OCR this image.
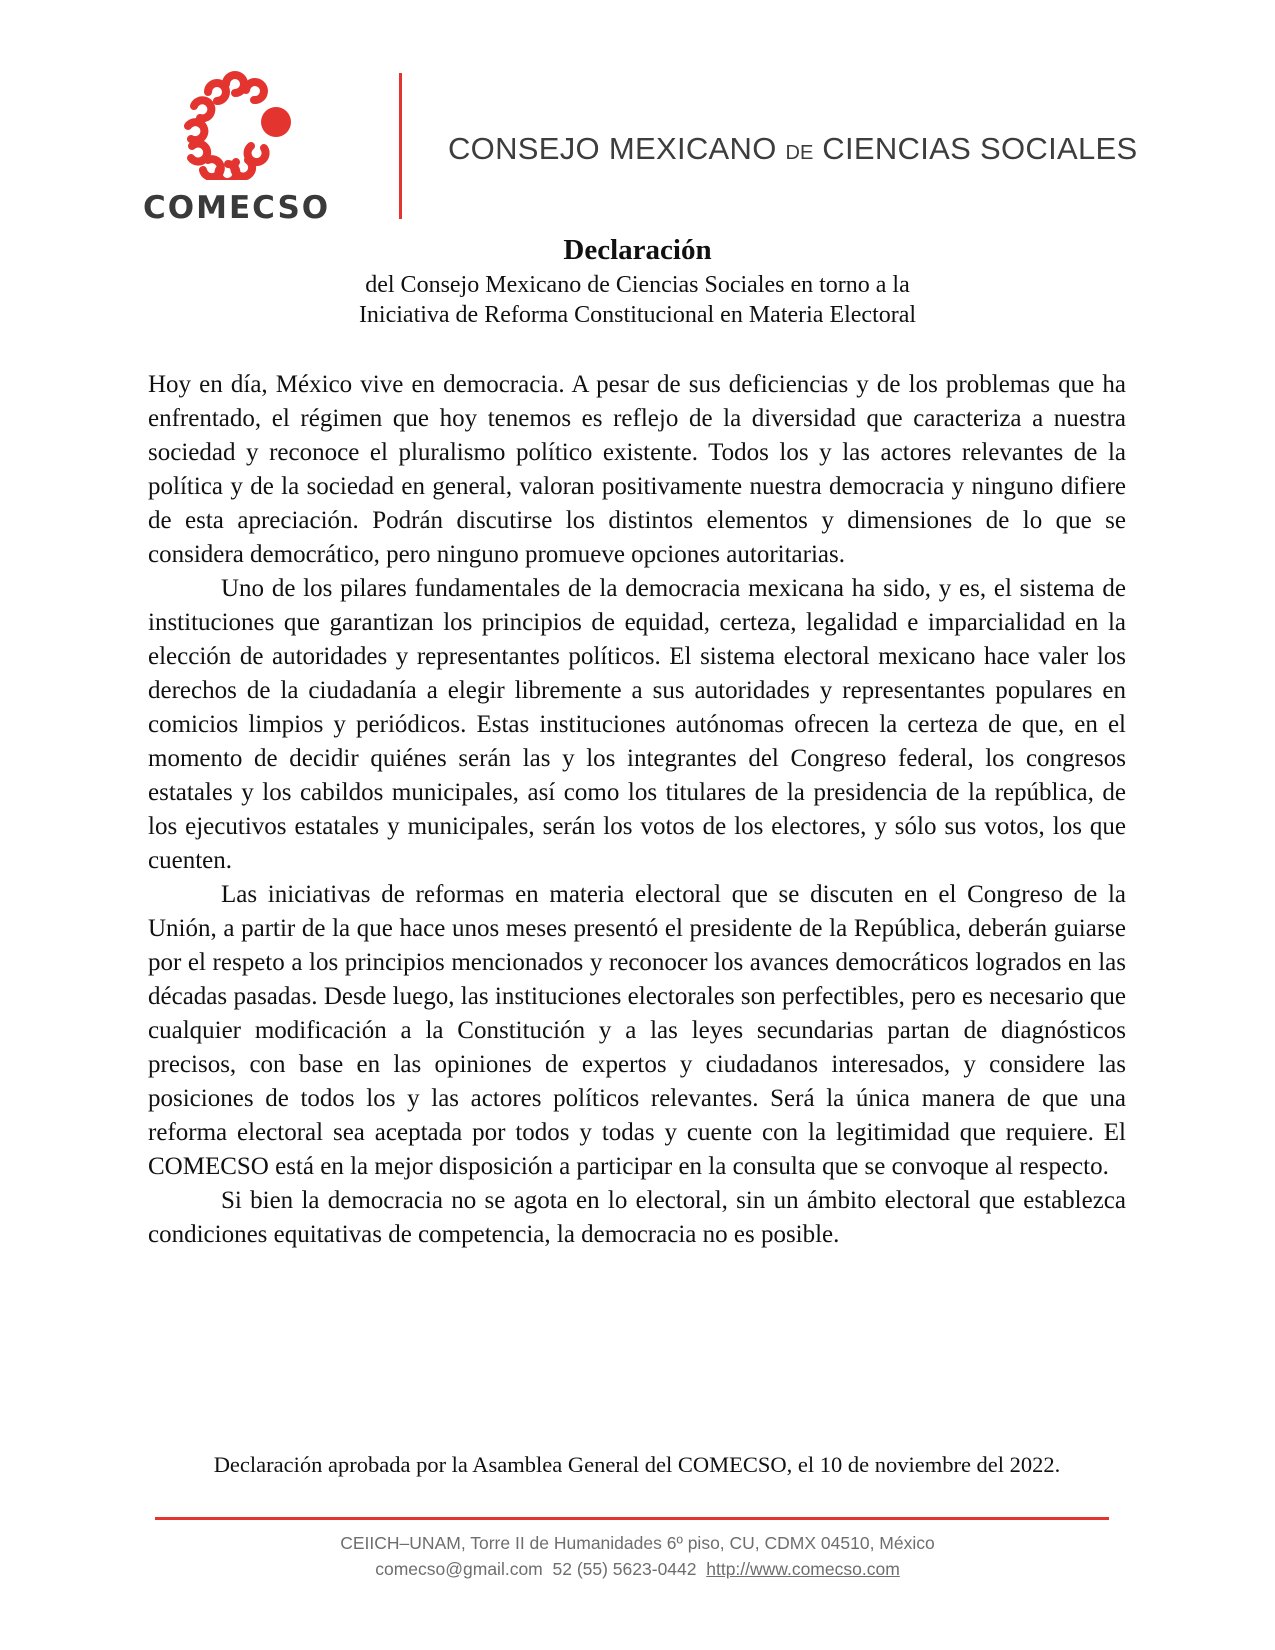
COMECSO
CONSEJO MEXICANO DE CIENCIAS SOCIALES
Declaración
del Consejo Mexicano de Ciencias Sociales en torno a la
Iniciativa de Reforma Constitucional en Materia Electoral

Hoy en día, México vive en democracia. A pesar de sus deficiencias y de los problemas que ha enfrentado, el régimen que hoy tenemos es reflejo de la diversidad que caracteriza a nuestra sociedad y reconoce el pluralismo político existente. Todos los y las actores relevantes de la política y de la sociedad en general, valoran positivamente nuestra democracia y ninguno difiere de esta apreciación. Podrán discutirse los distintos elementos y dimensiones de lo que se considera democrático, pero ninguno promueve opciones autoritarias.

Uno de los pilares fundamentales de la democracia mexicana ha sido, y es, el sistema de instituciones que garantizan los principios de equidad, certeza, legalidad e imparcialidad en la elección de autoridades y representantes políticos. El sistema electoral mexicano hace valer los derechos de la ciudadanía a elegir libremente a sus autoridades y representantes populares en comicios limpios y periódicos. Estas instituciones autónomas ofrecen la certeza de que, en el momento de decidir quiénes serán las y los integrantes del Congreso federal, los congresos estatales y los cabildos municipales, así como los titulares de la presidencia de la república, de los ejecutivos estatales y municipales, serán los votos de los electores, y sólo sus votos, los que cuenten.

Las iniciativas de reformas en materia electoral que se discuten en el Congreso de la Unión, a partir de la que hace unos meses presentó el presidente de la República, deberán guiarse por el respeto a los principios mencionados y reconocer los avances democráticos logrados en las décadas pasadas. Desde luego, las instituciones electorales son perfectibles, pero es necesario que cualquier modificación a la Constitución y a las leyes secundarias partan de diagnósticos precisos, con base en las opiniones de expertos y ciudadanos interesados, y considere las posiciones de todos los y las actores políticos relevantes. Será la única manera de que una reforma electoral sea aceptada por todos y todas y cuente con la legitimidad que requiere. El COMECSO está en la mejor disposición a participar en la consulta que se convoque al respecto.

Si bien la democracia no se agota en lo electoral, sin un ámbito electoral que establezca condiciones equitativas de competencia, la democracia no es posible.

Declaración aprobada por la Asamblea General del COMECSO, el 10 de noviembre del 2022.
CEIICH–UNAM, Torre II de Humanidades 6º piso, CU, CDMX 04510, México
comecso@gmail.com 52 (55) 5623-0442 http://www.comecso.com
